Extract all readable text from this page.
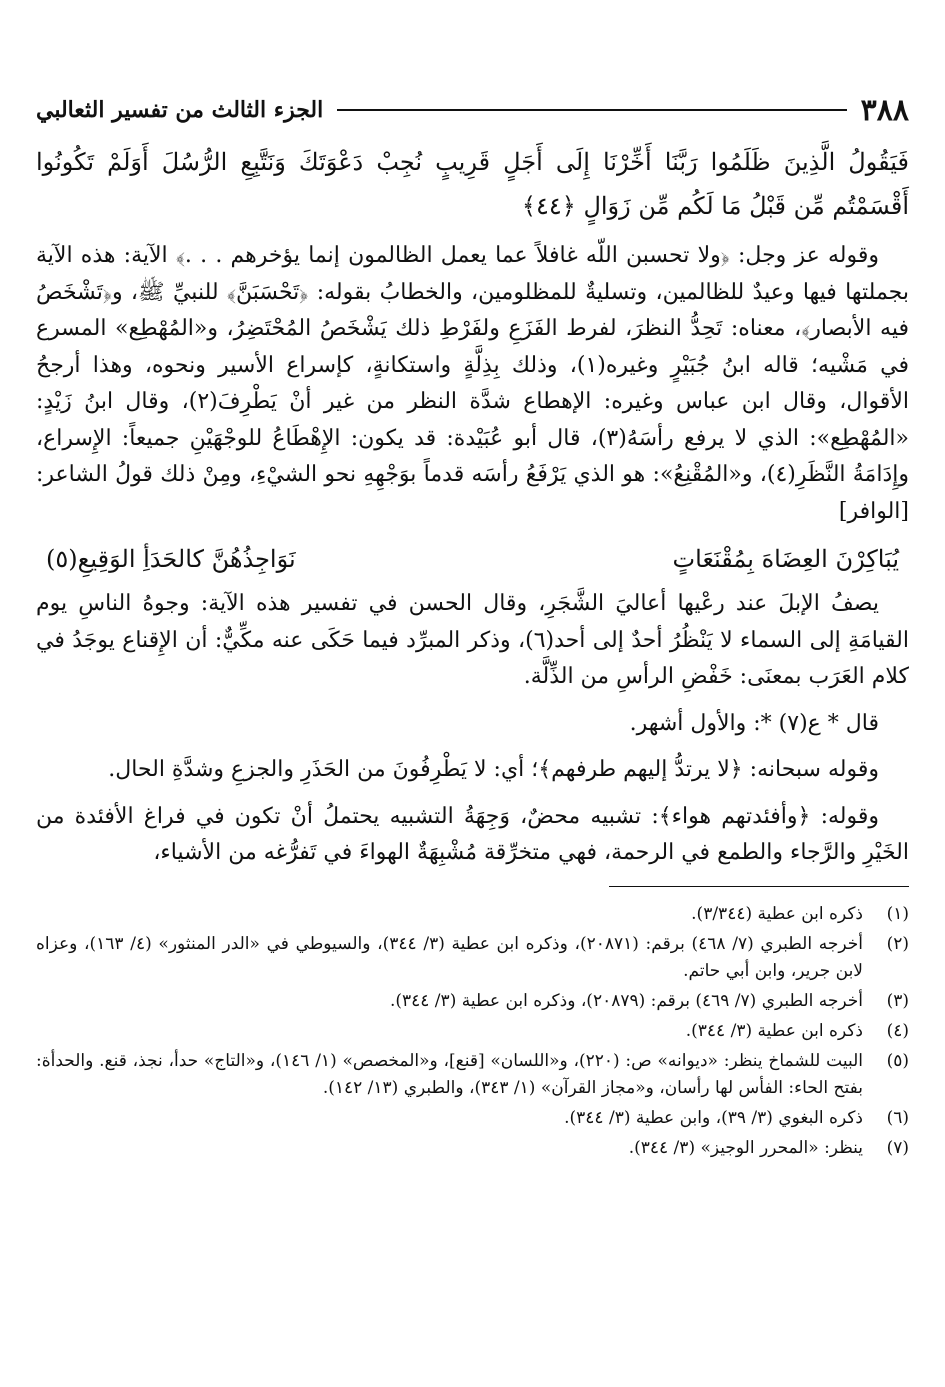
٣٨٨
الجزء الثالث من تفسير الثعالبي

فَيَقُولُ الَّذِينَ ظَلَمُوا رَبَّنَا أَخِّرْنَا إِلَى أَجَلٍ قَرِيبٍ نُجِبْ دَعْوَتَكَ وَنَتَّبِعِ الرُّسُلَ أَوَلَمْ تَكُونُوا أَقْسَمْتُم مِّن قَبْلُ مَا لَكُم مِّن زَوَالٍ ﴿٤٤﴾

وقوله عز وجل: ﴿ولا تحسبن اللّه غافلاً عما يعمل الظالمون إنما يؤخرهم . . .﴾ الآية: هذه الآية بجملتها فيها وعيدٌ للظالمين، وتسليةٌ للمظلومين، والخطابُ بقوله: ﴿تَحْسَبَنَّ﴾ للنبيِّ ﷺ، و﴿تَشْخَصُ فيه الأبصار﴾، معناه: تَحِدُّ النظرَ، لفرط الفَزَعِ ولفَرْطِ ذلك يَشْخَصُ المُحْتَضِرُ، و«المُهْطِع» المسرع في مَشْيه؛ قاله ابنُ جُبَيْرٍ وغيره(١)، وذلك بِذِلَّةٍ واستكانةٍ، كإسراع الأسير ونحوه، وهذا أرجحُ الأقوال، وقال ابن عباس وغيره: الإهطاع شدَّة النظر من غير أنْ يَطْرِفَ(٢)، وقال ابنُ زَيْدٍ: «المُهْطِع»: الذي لا يرفع رأسَهُ(٣)، قال أبو عُبَيْدة: قد يكون: الإِهْطَاعُ للوجْهَيْنِ جميعاً: الإِسراع، وإِدَامَةُ النَّظَرِ(٤)، و«المُقْنِعُ»: هو الذي يَرْفَعُ رأسَه قدماً بوَجْهِهِ نحو الشيْءِ، ومِنْ ذلك قولُ الشاعر: [الوافر]

يُبَاكِرْنَ العِضَاهَ بِمُقْنَعَاتٍ
نَوَاجِذُهُنَّ كالحَدَأِ الوَقِيعِ(٥)

يصفُ الإبلَ عند رعْيها أعاليَ الشَّجَرِ، وقال الحسن في تفسير هذه الآية: وجوهُ الناسِ يوم القيامَةِ إلى السماء لا يَنْظُرُ أحدٌ إلى أحد(٦)، وذكر المبرِّد فيما حَكَى عنه مكِّيٌّ: أن الإِقناع يوجَدُ في كلام العَرَب بمعنَى: خَفْضِ الرأسِ من الذِّلَّة.

قال * ع(٧) *: والأول أشهر.

وقوله سبحانه: ﴿لا يرتدُّ إليهم طرفهم﴾؛ أي: لا يَطْرِفُونَ من الحَذَرِ والجزعِ وشدَّةِ الحال.

وقوله: ﴿وأفئدتهم هواء﴾: تشبيه محضٌ، وَجِهَةُ التشبيه يحتملُ أنْ تكون في فراغ الأفئدة من الخَيْرِ والرَّجاء والطمع في الرحمة، فهي متخرِّقة مُشْبِهَةٌ الهواءَ في تَفرُّغه من الأشياء،

(١)
ذكره ابن عطية (٣/٣٤٤).
(٢)
أخرجه الطبري (٧/ ٤٦٨) برقم: (٢٠٨٧١)، وذكره ابن عطية (٣/ ٣٤٤)، والسيوطي في «الدر المنثور» (٤/ ١٦٣)، وعزاه لابن جرير، وابن أبي حاتم.
(٣)
أخرجه الطبري (٧/ ٤٦٩) برقم: (٢٠٨٧٩)، وذكره ابن عطية (٣/ ٣٤٤).
(٤)
ذكره ابن عطية (٣/ ٣٤٤).
(٥)
البيت للشماخ ينظر: «ديوانه» ص: (٢٢٠)، و«اللسان» [قنع]، و«المخصص» (١/ ١٤٦)، و«التاج» حدأ، نجذ، قنع. والحدأة: بفتح الحاء: الفأس لها رأسان، و«مجاز القرآن» (١/ ٣٤٣)، والطبري (١٣/ ١٤٢).
(٦)
ذكره البغوي (٣/ ٣٩)، وابن عطية (٣/ ٣٤٤).
(٧)
ينظر: «المحرر الوجيز» (٣/ ٣٤٤).
